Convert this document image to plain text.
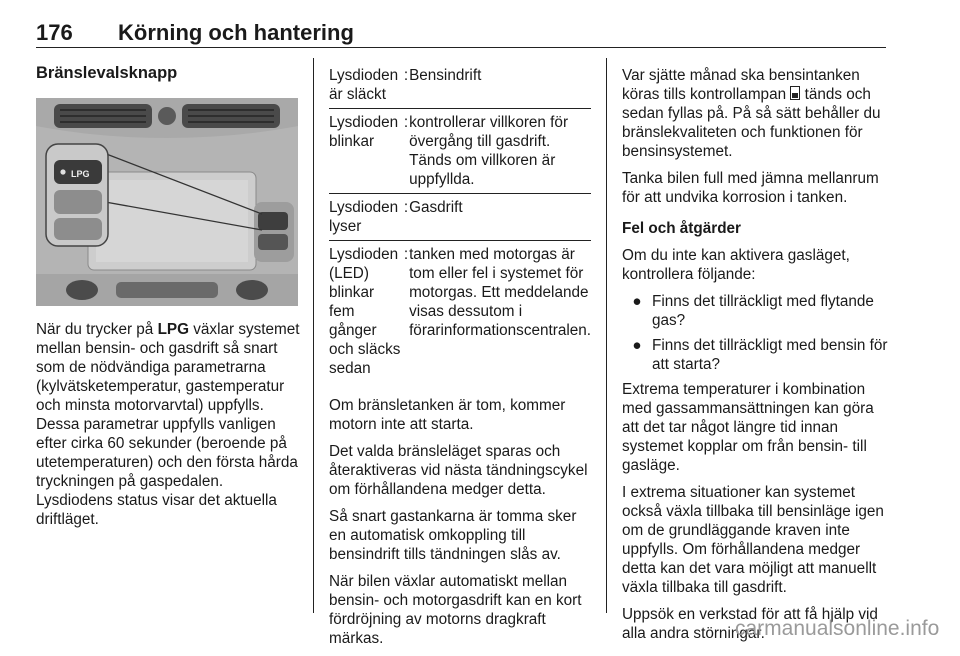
176 Körning och hantering
Bränslevalsknapp
LPG

När du trycker på LPG växlar systemet mellan bensin- och gasdrift så snart som de nödvändiga parametrarna (kylvätsketemperatur, gastemperatur och minsta motorvarvtal) uppfylls. Dessa parametrar uppfylls vanligen efter cirka 60 sekunder (beroende på utetemperaturen) och den första hårda tryckningen på gaspedalen. Lysdiodens status visar det aktuella driftläget.

Lysdioden är släckt	:	Bensindrift
Lysdioden blinkar	:	kontrollerar villkoren för övergång till gasdrift. Tänds om villkoren är uppfyllda.
Lysdioden lyser	:	Gasdrift
Lysdioden (LED) blinkar fem gånger och släcks sedan	:	tanken med motorgas är tom eller fel i systemet för motorgas. Ett meddelande visas dessutom i förarinformationscentralen.

Om bränsletanken är tom, kommer motorn inte att starta.

Det valda bränsleläget sparas och återaktiveras vid nästa tändningscykel om förhållandena medger detta.

Så snart gastankarna är tomma sker en automatisk omkoppling till bensindrift tills tändningen slås av.

När bilen växlar automatiskt mellan bensin- och motorgasdrift kan en kort fördröjning av motorns dragkraft märkas.

Var sjätte månad ska bensintanken köras tills kontrollampan  tänds och sedan fyllas på. På så sätt behåller du bränslekvaliteten och funktionen för bensinsystemet.

Tanka bilen full med jämna mellanrum för att undvika korrosion i tanken.

Fel och åtgärder

Om du inte kan aktivera gasläget, kontrollera följande:

● Finns det tillräckligt med flytande gas?
● Finns det tillräckligt med bensin för att starta?

Extrema temperaturer i kombination med gassammansättningen kan göra att det tar något längre tid innan systemet kopplar om från bensin- till gasläge.

I extrema situationer kan systemet också växla tillbaka till bensinläge igen om de grundläggande kraven inte uppfylls. Om förhållandena medger detta kan det vara möjligt att manuellt växla tillbaka till gasdrift.

Uppsök en verkstad för att få hjälp vid alla andra störningar.

carmanualsonline.info
